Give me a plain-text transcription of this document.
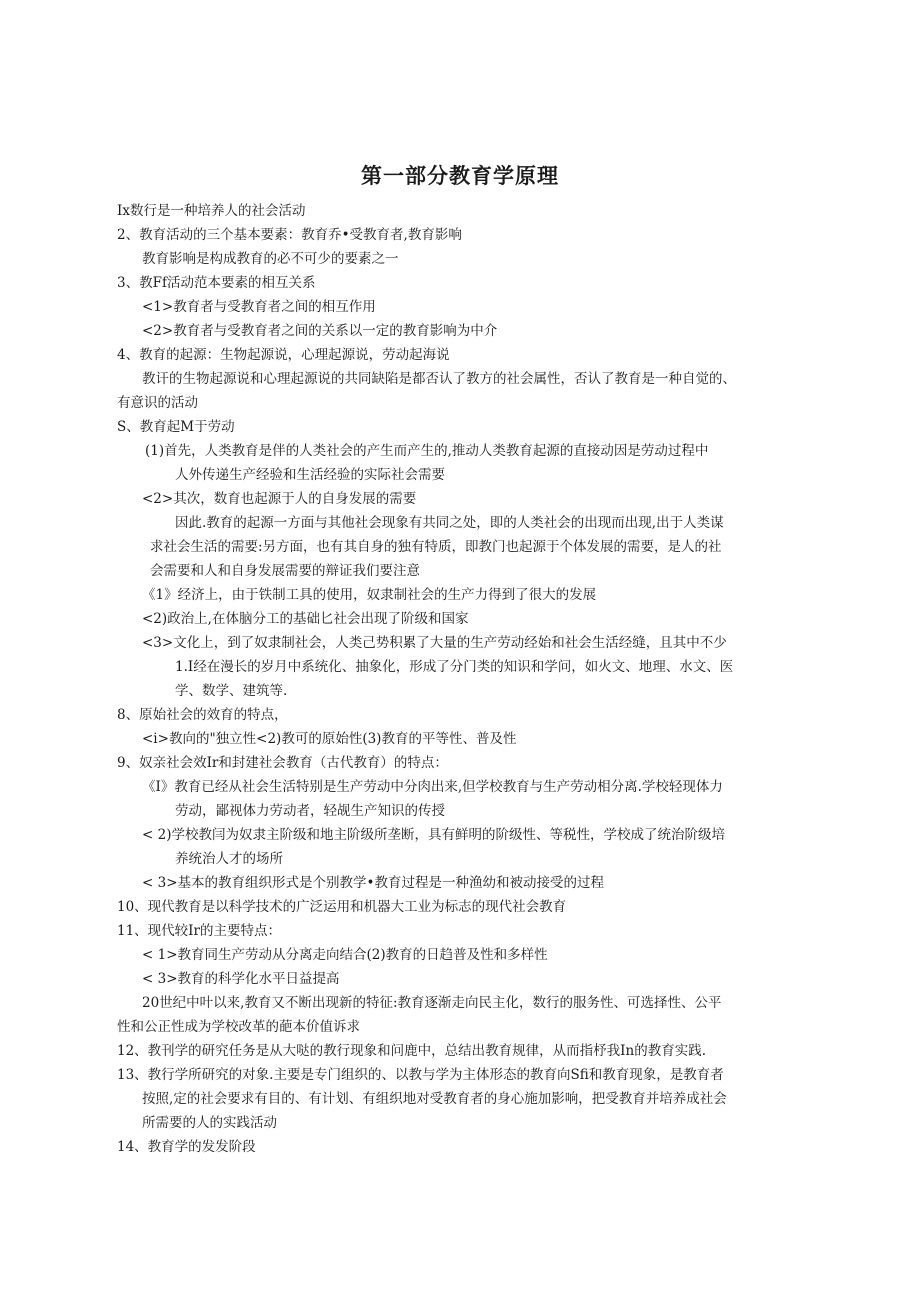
第一部分教育学原理
Ix数行是一种培养人的社会活动
2、教育活动的三个基本要素：教育乔•受教育者,教育影响
教育影响是构成教育的必不可少的要素之一
3、教Ff活动范本要素的相互关系
<1>教育者与受教育者之间的相互作用
<2>教育者与受教育者之间的关系以一定的教育影响为中介
4、教育的起源：生物起源说，心理起源说，劳动起海说
教讦的生物起源说和心理起源说的共同缺陷是都否认了教方的社会属性，否认了教育是一种自觉的、
有意识的活动
S、教育起M于劳动
(1)首先，人类教育是伴的人类社会的产生而产生的,推动人类教育起源的直接动因是劳动过程中
人外传递生产经验和生活经验的实际社会需要
<2>其次，数育也起源于人的自身发展的需要
因此.教育的起源一方面与其他社会现象有共同之处，即的人类社会的出现而出现,出于人类谋
求社会生活的需要:另方面，也有其自身的独有特质，即教门也起源于个体发展的需要，是人的社
会需要和人和自身发展需要的辩证我们要注意
《1》经济上，由于铁制工具的使用，奴隶制社会的生产力得到了很大的发展
<2)政治上,在体脑分工的基础匕社会出现了阶级和国家
<3>文化上，到了奴隶制社会，人类己势积累了大量的生产劳动经始和社会生活经缝，且其中不少
1.I经在漫长的岁月中系统化、抽象化，形成了分门类的知识和学问，如火文、地理、水文、医
学、数学、建筑等.
8、原始社会的效育的特点，
<i>教向的"独立性<2)教可的原始性(3)教育的平等性、普及性
9、奴亲社会效Ir和封建社会教育（古代教育）的特点：
《I》教育已经从社会生活特别是生产劳动中分肉出来,但学校教育与生产劳动相分离.学校轻现体力
劳动，鄙视体力劳动者，轻觇生产知识的传授
< 2)学校教闫为奴隶主阶级和地主阶级所垄断，具有鲜明的阶级性、等税性，学校成了统治阶级培
养统治人才的场所
< 3>基本的教育组织形式是个别教学•教育过程是一种渔幼和被动接受的过程
10、现代教育是以科学技术的广泛运用和机器大工业为标志的现代社会教育
11、现代较Ir的主要特点：
< 1>教育同生产劳动从分离走向结合(2)教育的日趋普及性和多样性
< 3>教育的科学化水平日益提高
20世纪中叶以来,教育又不断出现新的特征:教育逐渐走向民主化，数行的服务性、可选择性、公平
性和公正性成为学校改革的葩本价值诉求
12、教刊学的研究任务是从大哒的教行现象和问鹿中，总结出教育规律，从而指杼我In的教育实践.
13、教行学所研究的对象.主要是专门组织的、以教与学为主体形态的教育向Sfi和教育现象，是教育者
按照,定的社会要求有目的、有计划、有组织地对受教育者的身心施加影响，把受教育并培养成社会
所需要的人的实践活动
14、教育学的发发阶段
